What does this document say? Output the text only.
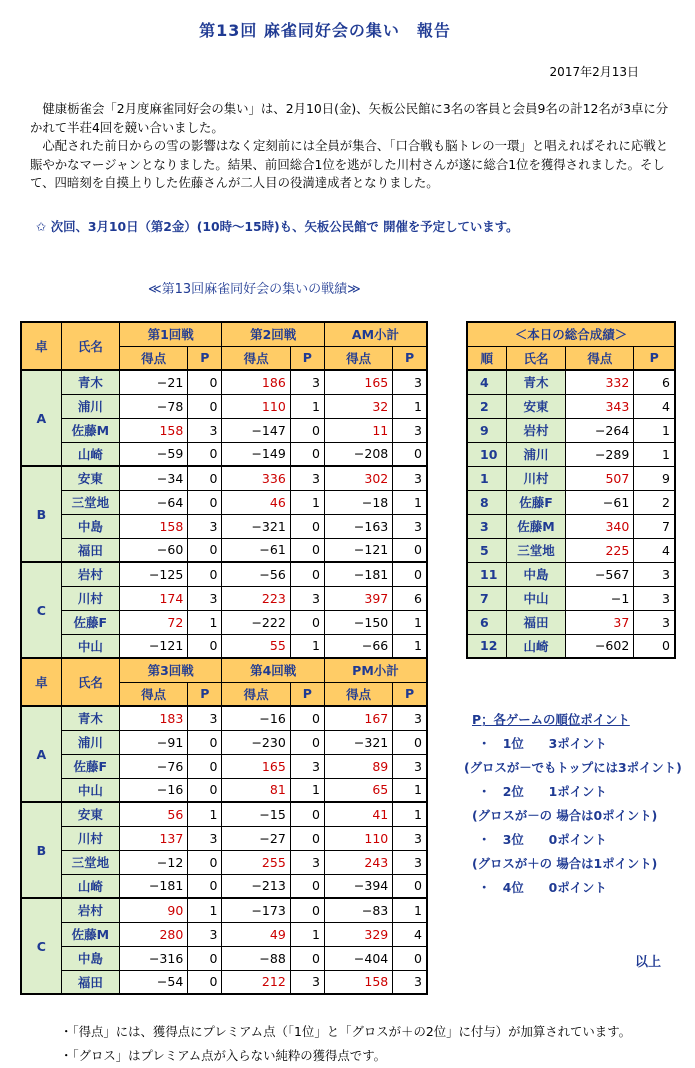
第13回 麻雀同好会の集い　報告
2017年2月13日

健康栃雀会「2月度麻雀同好会の集い」は、2月10日(金)、矢板公民館に3名の客員と会員9名の計12名が3卓に分かれて半荘4回を競い合いました。

心配された前日からの雪の影響はなく定刻前には全員が集合、「口合戦も脳トレの一環」と唱えればそれに応戦と賑やかなマージャンとなりました。結果、前回総合1位を逃がした川村さんが遂に総合1位を獲得されました。そして、四暗刻を自摸上りした佐藤さんが二人目の役満達成者となりました。

✩ 次回、3月10日（第2金）(10時～15時)も、矢板公民館で 開催を予定しています。
≪第13回麻雀同好会の集いの戦績≫
卓	氏名	第1回戦		第2回戦		AM小計	
		得点	P	得点	P	得点	P
A	青木	−21	0	186	3	165	3
	浦川	−78	0	110	1	32	1
	佐藤M	158	3	−147	0	11	3
	山崎	−59	0	−149	0	−208	0
B	安東	−34	0	336	3	302	3
	三堂地	−64	0	46	1	−18	1
	中島	158	3	−321	0	−163	3
	福田	−60	0	−61	0	−121	0
C	岩村	−125	0	−56	0	−181	0
	川村	174	3	223	3	397	6
	佐藤F	72	1	−222	0	−150	1
	中山	−121	0	55	1	−66	1
卓	氏名	第3回戦		第4回戦		PM小計	
		得点	P	得点	P	得点	P
A	青木	183	3	−16	0	167	3
	浦川	−91	0	−230	0	−321	0
	佐藤F	−76	0	165	3	89	3
	中山	−16	0	81	1	65	1
B	安東	56	1	−15	0	41	1
	川村	137	3	−27	0	110	3
	三堂地	−12	0	255	3	243	3
	山崎	−181	0	−213	0	−394	0
C	岩村	90	1	−173	0	−83	1
	佐藤M	280	3	49	1	329	4
	中島	−316	0	−88	0	−404	0
	福田	−54	0	212	3	158	3
＜本日の総合成績＞			
順	氏名	得点	P
4	青木	332	6
2	安東	343	4
9	岩村	−264	1
10	浦川	−289	1
1	川村	507	9
8	佐藤F	−61	2
3	佐藤M	340	7
5	三堂地	225	4
11	中島	−567	3
7	中山	−1	3
6	福田	37	3
12	山崎	−602	0
P；各ゲームの順位ポイント
・　1位　　3ポイント
(グロスが－でもトップには3ポイント)
・　2位　　1ポイント
(グロスが－の 場合は0ポイント)
・　3位　　0ポイント
(グロスが＋の 場合は1ポイント)
・　4位　　0ポイント
以上
・「得点」には、獲得点にプレミアム点（「1位」と「グロスが＋の2位」に付与）が加算されています。
・「グロス」はプレミアム点が入らない純粋の獲得点です。
